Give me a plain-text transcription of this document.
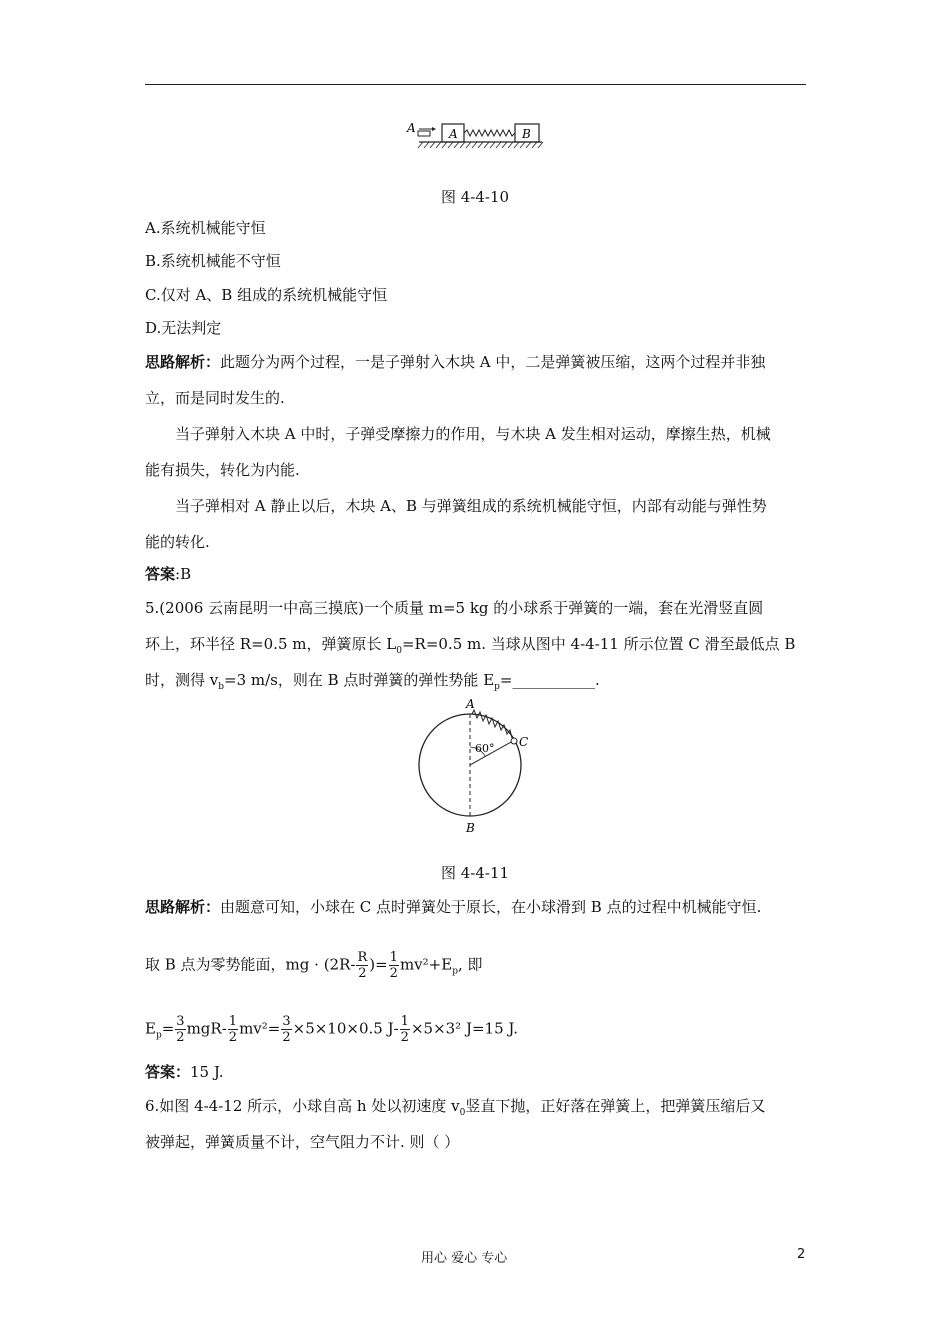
A	A	B
图 4-4-10
A.系统机械能守恒
B.系统机械能不守恒
C.仅对 A、B 组成的系统机械能守恒
D.无法判定
思路解析：此题分为两个过程，一是子弹射入木块 A 中，二是弹簧被压缩，这两个过程并非独
立，而是同时发生的.
当子弹射入木块 A 中时，子弹受摩擦力的作用，与木块 A 发生相对运动，摩擦生热，机械
能有损失，转化为内能.
当子弹相对 A 静止以后，木块 A、B 与弹簧组成的系统机械能守恒，内部有动能与弹性势
能的转化.
答案:B
5.(2006 云南昆明一中高三摸底)一个质量 m=5 kg 的小球系于弹簧的一端，套在光滑竖直圆
环上，环半径 R=0.5 m，弹簧原长 $L_0=R=0.5$ m. 当球从图中 4-4-11 所示位置 C 滑至最低点 B
时，测得 $v_b=3$ m/s，则在 B 点时弹簧的弹性势能 $E_p=\_\_\_\_\_\_\_\_\_\_\_$.
A
B
C
60°
图 4-4-11
思路解析：由题意可知，小球在 C 点时弹簧处于原长，在小球滑到 B 点的过程中机械能守恒.
取 B 点为零势能面，mg · ($2R- \frac{R}{2}$ )= $\frac{1}{2} mv^2+E_p$, 即
$E_p= \frac{3}{2} mgR- \frac{1}{2} mv^2= \frac{3}{2} \times 5\times 10\times 0.5$ $J- \frac{1}{2} \times 5\times 3^2$ J=15 J.
答案：15 J.
6.如图 4-4-12 所示，小球自高 h 处以初速度 $v_0$竖直下抛，正好落在弹簧上，把弹簧压缩后又
被弹起，弹簧质量不计，空气阻力不计. 则（ ）
用心 爱心 专心	2
